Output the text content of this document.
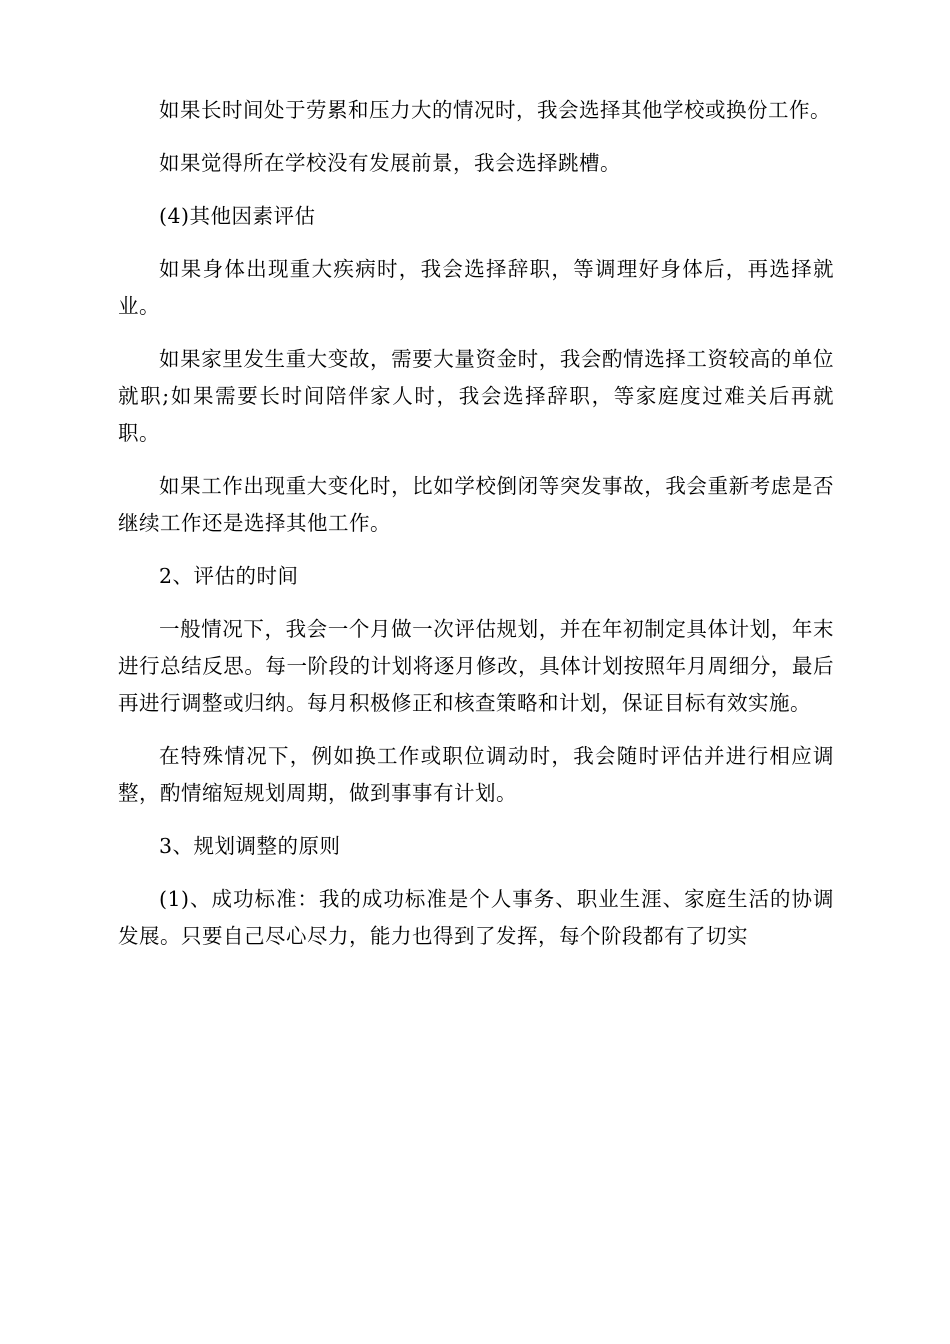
如果长时间处于劳累和压力大的情况时，我会选择其他学校或换份工作。

如果觉得所在学校没有发展前景，我会选择跳槽。

(4)其他因素评估

如果身体出现重大疾病时，我会选择辞职，等调理好身体后，再选择就业。

如果家里发生重大变故，需要大量资金时，我会酌情选择工资较高的单位就职;如果需要长时间陪伴家人时，我会选择辞职，等家庭度过难关后再就职。

如果工作出现重大变化时，比如学校倒闭等突发事故，我会重新考虑是否继续工作还是选择其他工作。

2、评估的时间

一般情况下，我会一个月做一次评估规划，并在年初制定具体计划，年末进行总结反思。每一阶段的计划将逐月修改，具体计划按照年月周细分，最后再进行调整或归纳。每月积极修正和核查策略和计划，保证目标有效实施。

在特殊情况下，例如换工作或职位调动时，我会随时评估并进行相应调整，酌情缩短规划周期，做到事事有计划。

3、规划调整的原则

(1)、成功标准：我的成功标准是个人事务、职业生涯、家庭生活的协调发展。只要自己尽心尽力，能力也得到了发挥，每个阶段都有了切实
